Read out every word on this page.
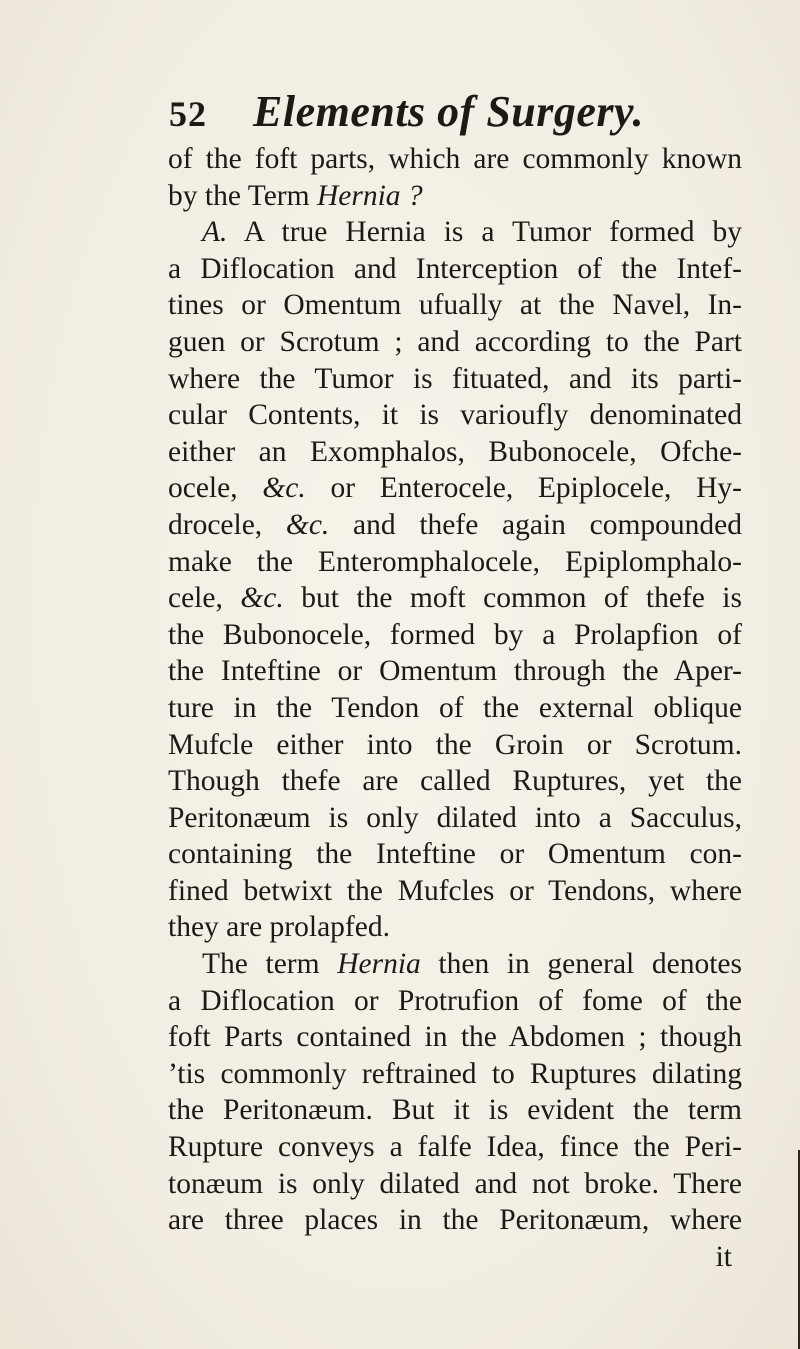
52 Elements of Surgery.
of the foft parts, which are commonly known
by the Term Hernia ?
A. A true Hernia is a Tumor formed by
a Diflocation and Interception of the Intef-
tines or Omentum ufually at the Navel, In-
guen or Scrotum ; and according to the Part
where the Tumor is fituated, and its parti-
cular Contents, it is varioufly denominated
either an Exomphalos, Bubonocele, Ofche-
ocele, &c. or Enterocele, Epiplocele, Hy-
drocele, &c. and thefe again compounded
make the Enteromphalocele, Epiplomphalo-
cele, &c. but the moft common of thefe is
the Bubonocele, formed by a Prolapfion of
the Inteftine or Omentum through the Aper-
ture in the Tendon of the external oblique
Mufcle either into the Groin or Scrotum.
Though thefe are called Ruptures, yet the
Peritonæum is only dilated into a Sacculus,
containing the Inteftine or Omentum con-
fined betwixt the Mufcles or Tendons, where
they are prolapfed.
The term Hernia then in general denotes
a Diflocation or Protrufion of fome of the
foft Parts contained in the Abdomen ; though
’tis commonly reftrained to Ruptures dilating
the Peritonæum. But it is evident the term
Rupture conveys a falfe Idea, fince the Peri-
tonæum is only dilated and not broke. There
are three places in the Peritonæum, where
it
